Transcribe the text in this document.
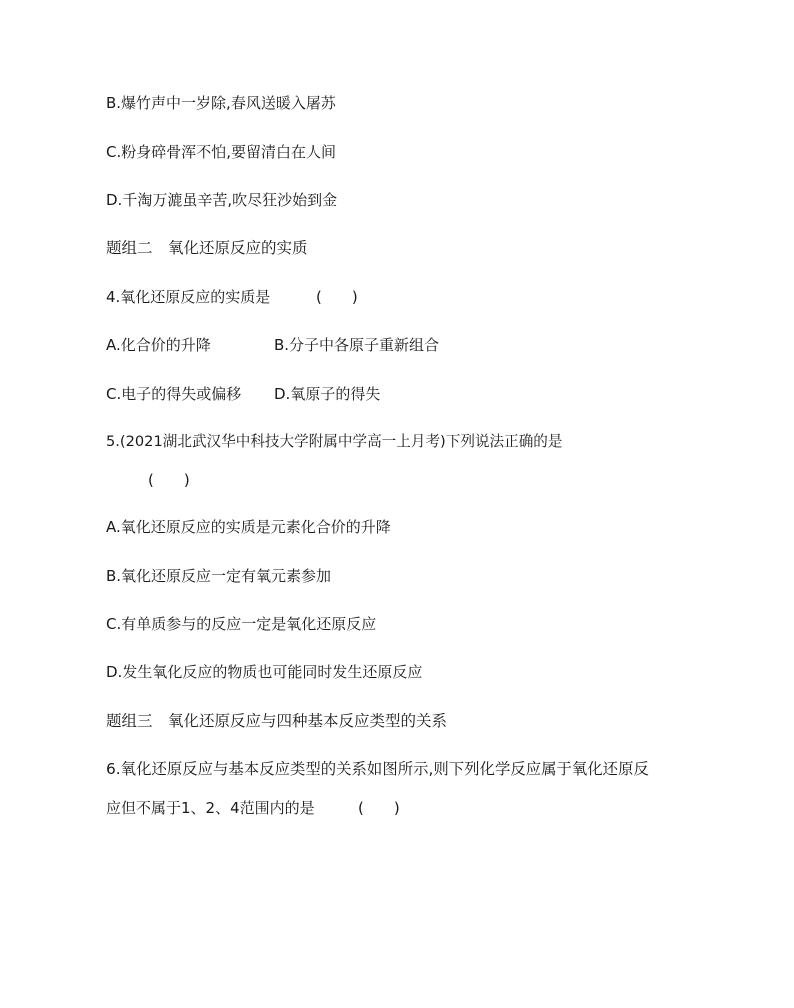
B.爆竹声中一岁除,春风送暖入屠苏
C.粉身碎骨浑不怕,要留清白在人间
D.千淘万漉虽辛苦,吹尽狂沙始到金
题组二　氧化还原反应的实质
4.氧化还原反应的实质是	(　　)
A.化合价的升降	B.分子中各原子重新组合
C.电子的得失或偏移 D.氧原子的得失
5.(2021湖北武汉华中科技大学附属中学高一上月考)下列说法正确的是
(　　)
A.氧化还原反应的实质是元素化合价的升降
B.氧化还原反应一定有氧元素参加
C.有单质参与的反应一定是氧化还原反应
D.发生氧化反应的物质也可能同时发生还原反应
题组三　氧化还原反应与四种基本反应类型的关系
6.氧化还原反应与基本反应类型的关系如图所示,则下列化学反应属于氧化还原反
应但不属于1、2、4范围内的是	(　　)
